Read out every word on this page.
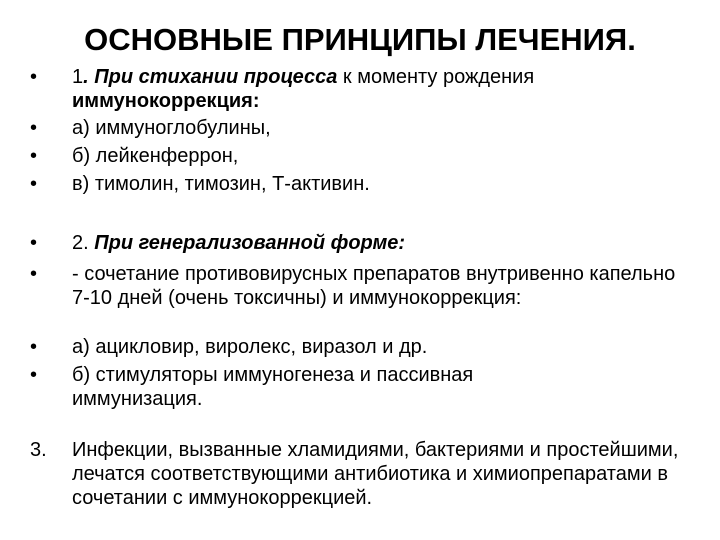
ОСНОВНЫЕ ПРИНЦИПЫ ЛЕЧЕНИЯ.
•	1. При стихании процесса к моменту рождения
иммунокоррекция:
•	а) иммуноглобулины,
•	б) лейкенферрон,
•	в) тимолин, тимозин, Т-активин.
•	2. При генерализованной форме:
•	- сочетание противовирусных препаратов внутривенно капельно 7-10 дней (очень токсичны) и иммунокоррекция:
•	а) ацикловир, виролекс, виразол и др.
•	б) стимуляторы иммуногенеза и пассивная иммунизация.
3. Инфекции, вызванные хламидиями, бактериями и простейшими, лечатся соответствующими антибиотика и химиопрепаратами в сочетании с иммунокоррекцией.
